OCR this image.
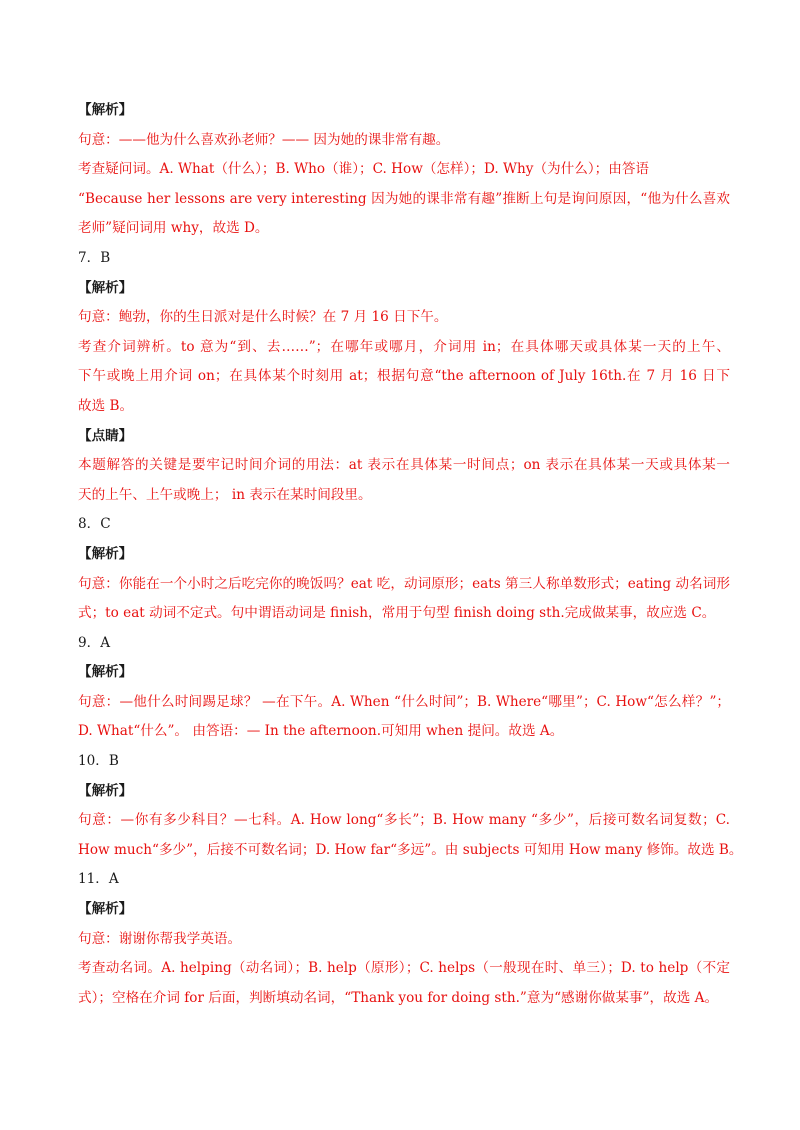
【解析】
句意：——他为什么喜欢孙老师？—— 因为她的课非常有趣。
考查疑问词。A. What（什么）；B. Who（谁）；C. How（怎样）；D. Why（为什么）；由答语
“Because her lessons are very interesting 因为她的课非常有趣”推断上句是询问原因，“他为什么喜欢
老师”疑问词用 why，故选 D。
7．B
【解析】
句意：鲍勃，你的生日派对是什么时候？在 7 月 16 日下午。
考查介词辨析。to 意为“到、去……”；在哪年或哪月，介词用 in；在具体哪天或具体某一天的上午、
下午或晚上用介词 on；在具体某个时刻用 at；根据句意“the afternoon of July 16th.在 7 月 16 日下
故选 B。
【点睛】
本题解答的关键是要牢记时间介词的用法：at 表示在具体某一时间点；on 表示在具体某一天或具体某一
天的上午、上午或晚上； in 表示在某时间段里。
8．C
【解析】
句意：你能在一个小时之后吃完你的晚饭吗？eat 吃，动词原形；eats 第三人称单数形式；eating 动名词形
式；to eat 动词不定式。句中谓语动词是 finish，常用于句型 finish doing sth.完成做某事，故应选 C。
9．A
【解析】
句意：—他什么时间踢足球？ —在下午。A. When “什么时间”；B. Where“哪里”；C. How“怎么样？”；
D. What“什么”。 由答语：— In the afternoon.可知用 when 提问。故选 A。
10．B
【解析】
句意：—你有多少科目？—七科。A. How long“多长”；B. How many “多少”，后接可数名词复数；C.
How much“多少”，后接不可数名词；D. How far“多远”。由 subjects 可知用 How many 修饰。故选 B。
11．A
【解析】
句意：谢谢你帮我学英语。
考查动名词。A. helping（动名词）；B. help（原形）；C. helps（一般现在时、单三）；D. to help（不定
式）；空格在介词 for 后面，判断填动名词，“Thank you for doing sth.”意为“感谢你做某事”，故选 A。
